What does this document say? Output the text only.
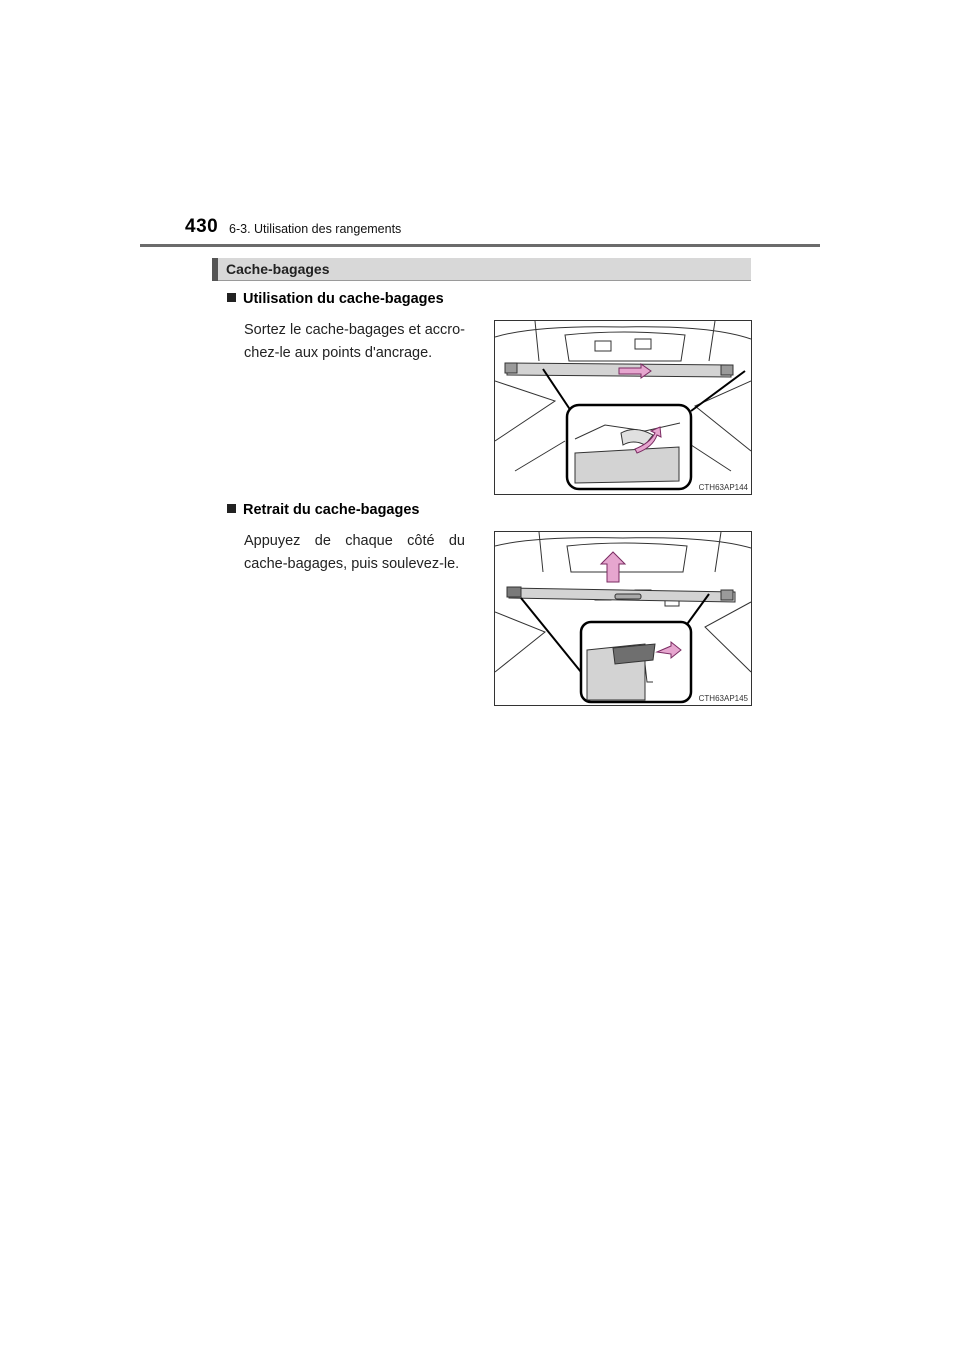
430 6-3. Utilisation des rangements
Cache-bagages
Utilisation du cache-bagages
Sortez le cache-bagages et accro-chez-le aux points d'ancrage.
CTH63AP144
Retrait du cache-bagages
Appuyez de chaque côté du cache-bagages, puis soulevez-le.
CTH63AP145
